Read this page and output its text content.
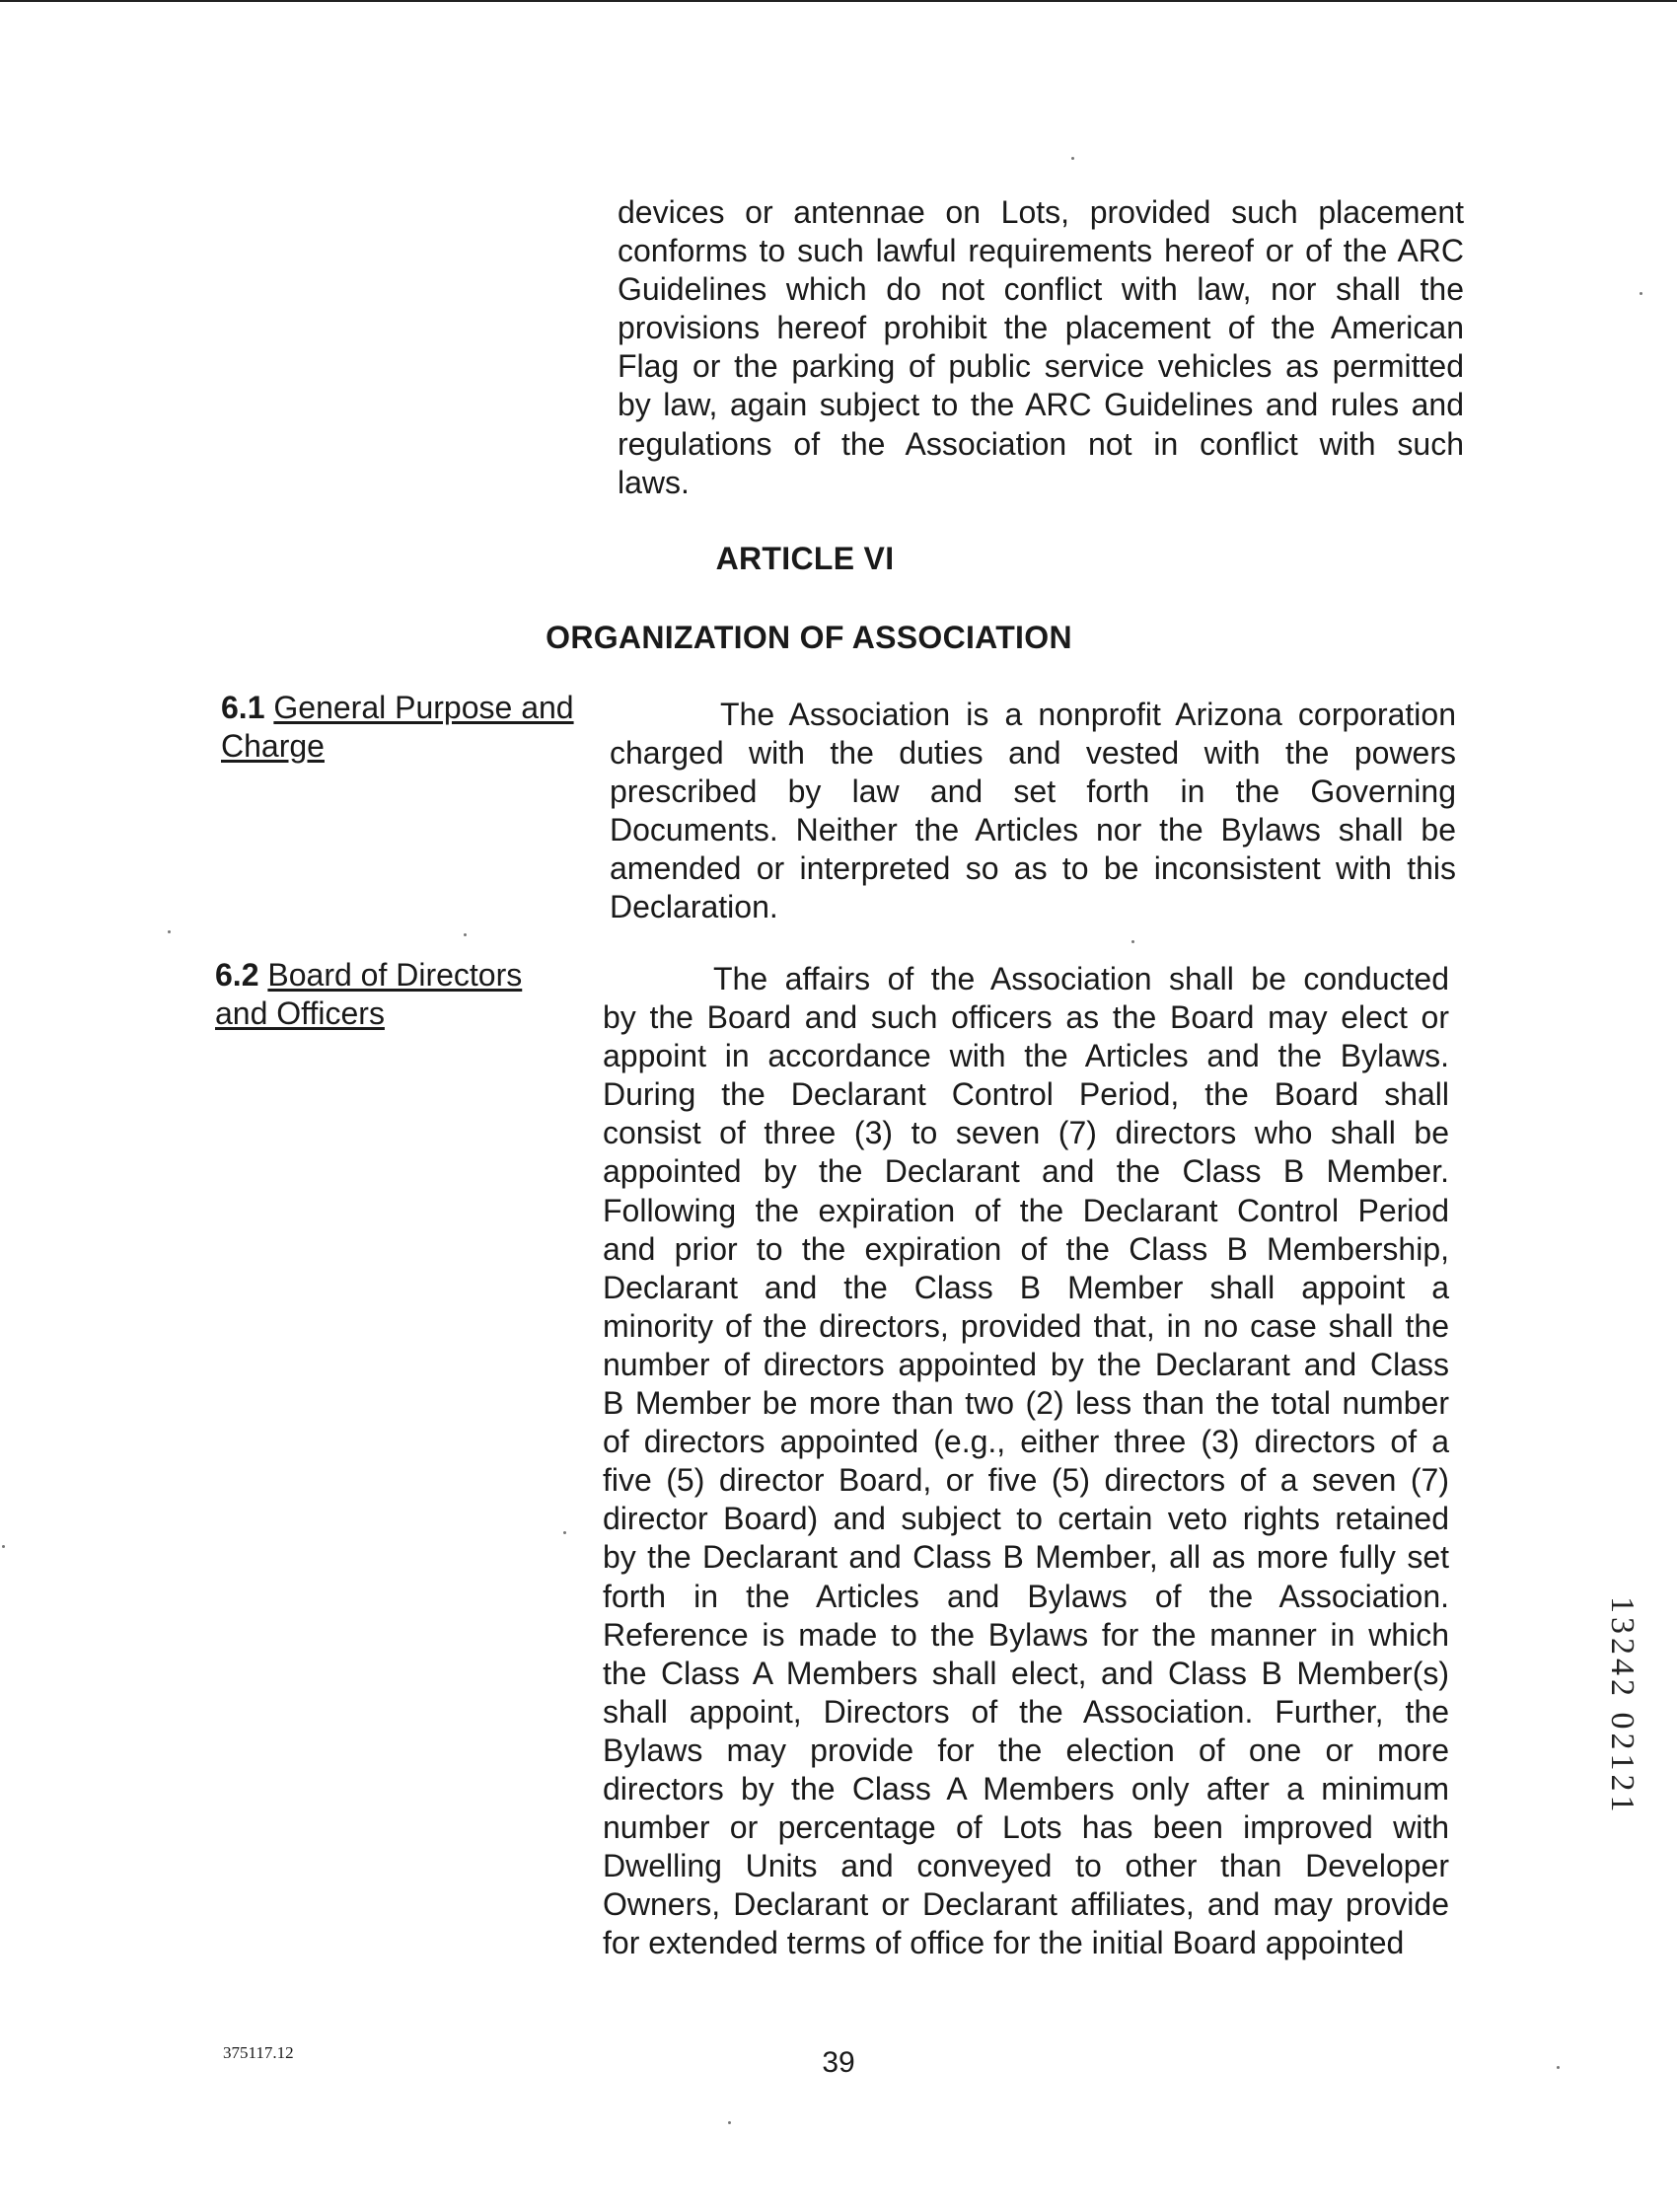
devices or antennae on Lots, provided such placement
conforms to such lawful requirements hereof or of the ARC
Guidelines which do not conflict with law, nor shall the
provisions hereof prohibit the placement of the American
Flag or the parking of public service vehicles as permitted
by law, again subject to the ARC Guidelines and rules and
regulations of the Association not in conflict with such
laws.
ARTICLE VI
ORGANIZATION OF ASSOCIATION
6.1 General Purpose and
Charge
The Association is a nonprofit Arizona corporation
charged with the duties and vested with the powers
prescribed by law and set forth in the Governing
Documents. Neither the Articles nor the Bylaws shall be
amended or interpreted so as to be inconsistent with this
Declaration.
6.2 Board of Directors
and Officers
The affairs of the Association shall be conducted
by the Board and such officers as the Board may elect or
appoint in accordance with the Articles and the Bylaws.
During the Declarant Control Period, the Board shall
consist of three (3) to seven (7) directors who shall be
appointed by the Declarant and the Class B Member.
Following the expiration of the Declarant Control Period
and prior to the expiration of the Class B Membership,
Declarant and the Class B Member shall appoint a
minority of the directors, provided that, in no case shall the
number of directors appointed by the Declarant and Class
B Member be more than two (2) less than the total number
of directors appointed (e.g., either three (3) directors of a
five (5) director Board, or five (5) directors of a seven (7)
director Board) and subject to certain veto rights retained
by the Declarant and Class B Member, all as more fully set
forth in the Articles and Bylaws of the Association.
Reference is made to the Bylaws for the manner in which
the Class A Members shall elect, and Class B Member(s)
shall appoint, Directors of the Association. Further, the
Bylaws may provide for the election of one or more
directors by the Class A Members only after a minimum
number or percentage of Lots has been improved with
Dwelling Units and conveyed to other than Developer
Owners, Declarant or Declarant affiliates, and may provide
for extended terms of office for the initial Board appointed
375117.12	39
13242 02121
